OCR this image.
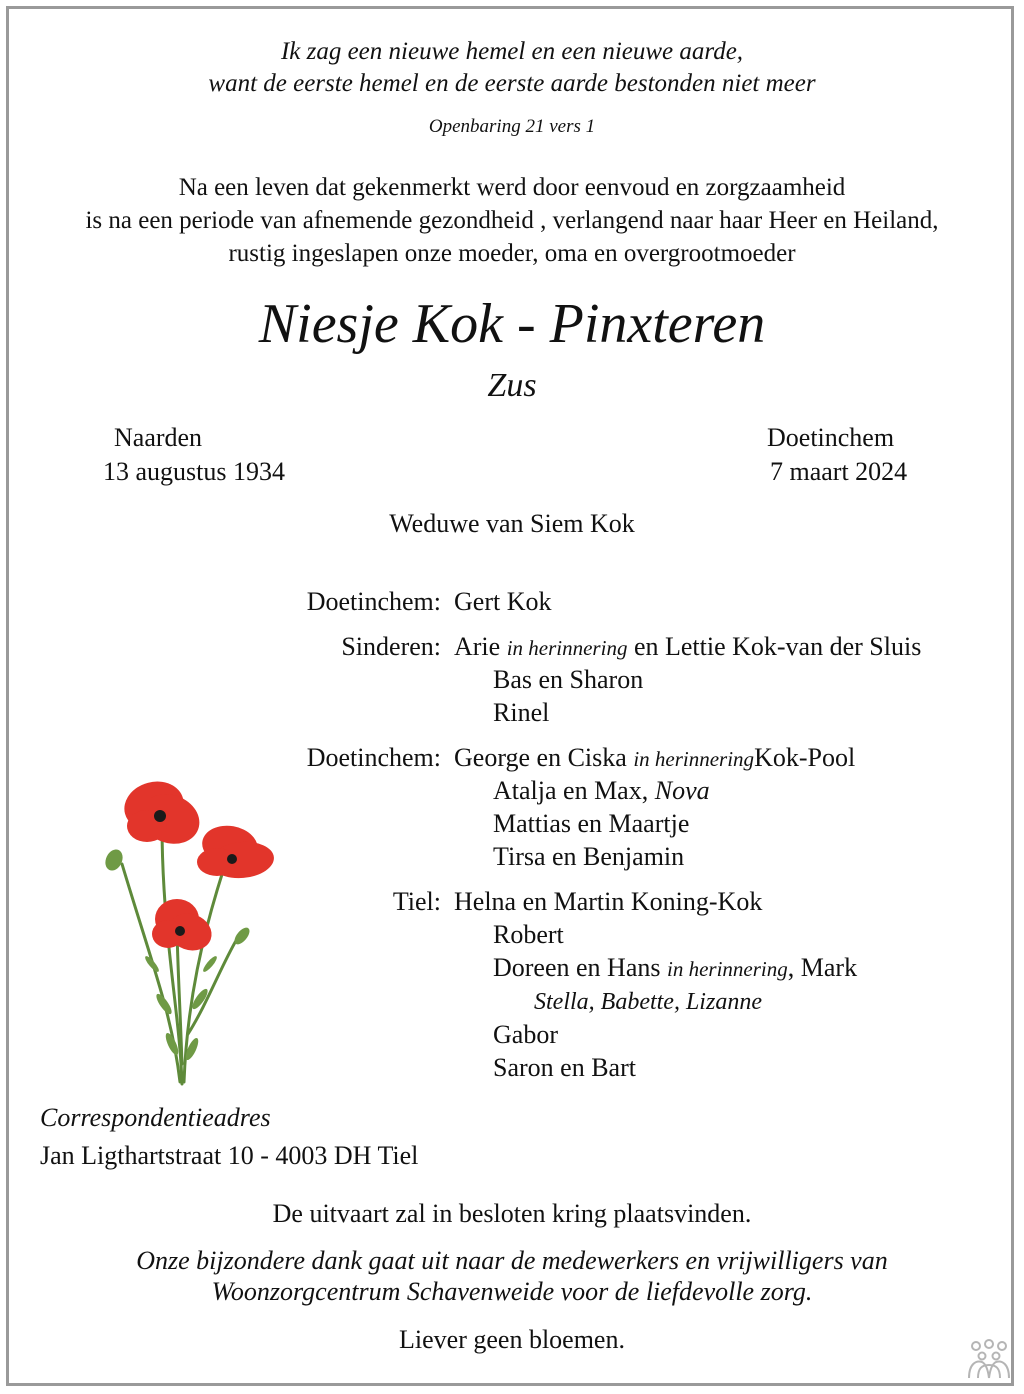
Ik zag een nieuwe hemel en een nieuwe aarde,
want de eerste hemel en de eerste aarde bestonden niet meer
Openbaring 21 vers 1
Na een leven dat gekenmerkt werd door eenvoud en zorgzaamheid
is na een periode van afnemende gezondheid , verlangend naar haar Heer en Heiland,
rustig ingeslapen onze moeder, oma en overgrootmoeder
Niesje Kok - Pinxteren
Zus
Naarden
13 augustus 1934
Doetinchem
7 maart 2024
Weduwe van Siem Kok
Doetinchem: Gert Kok
Sinderen: Arie in herinnering en Lettie Kok-van der Sluis
Bas en Sharon
Rinel
Doetinchem: George en Ciska in herinneringKok-Pool
Atalja en Max, Nova
Mattias en Maartje
Tirsa en Benjamin
Tiel: Helna en Martin Koning-Kok
Robert
Doreen en Hans in herinnering, Mark
Stella, Babette, Lizanne
Gabor
Saron en Bart
Correspondentieadres
Jan Ligthartstraat 10 - 4003 DH Tiel
De uitvaart zal in besloten kring plaatsvinden.
Onze bijzondere dank gaat uit naar de medewerkers en vrijwilligers van
Woonzorgcentrum Schavenweide voor de liefdevolle zorg.
Liever geen bloemen.
